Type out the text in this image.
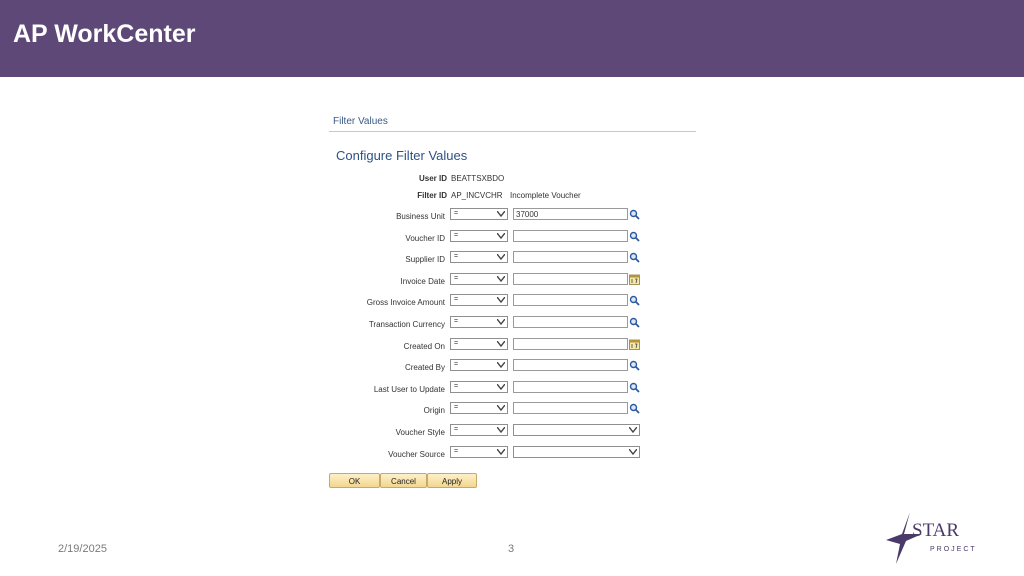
AP WorkCenter
Filter Values
Configure Filter Values
User ID BEATTSXBDO
Filter ID AP_INCVCHR Incomplete Voucher
Business Unit =	37000
Voucher ID =
Supplier ID =
Invoice Date =
Gross Invoice Amount =
Transaction Currency =
Created On =
Created By =
Last User to Update =
Origin =
Voucher Style =
Voucher Source =
OK	Cancel	Apply
2/19/2025	3
STAR
PROJECT
